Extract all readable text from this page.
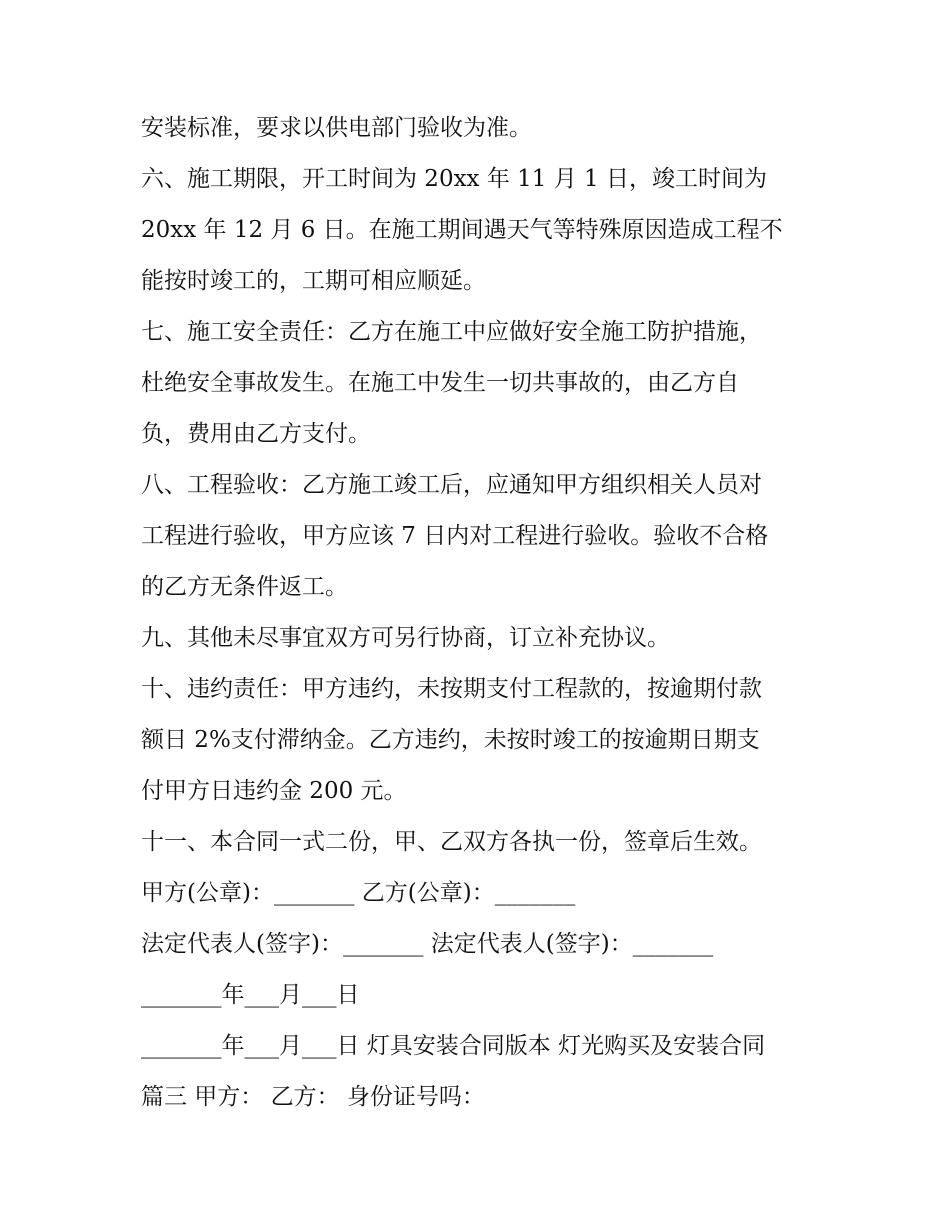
安装标准，要求以供电部门验收为准。
六、施工期限，开工时间为 20xx 年 11 月 1 日，竣工时间为
20xx 年 12 月 6 日。在施工期间遇天气等特殊原因造成工程不
能按时竣工的，工期可相应顺延。
七、施工安全责任：乙方在施工中应做好安全施工防护措施，
杜绝安全事故发生。在施工中发生一切共事故的，由乙方自
负，费用由乙方支付。
八、工程验收：乙方施工竣工后，应通知甲方组织相关人员对
工程进行验收，甲方应该 7 日内对工程进行验收。验收不合格
的乙方无条件返工。
九、其他未尽事宜双方可另行协商，订立补充协议。
十、违约责任：甲方违约，未按期支付工程款的，按逾期付款
额日 2%支付滞纳金。乙方违约，未按时竣工的按逾期日期支
付甲方日违约金 200 元。
十一、本合同一式二份，甲、乙双方各执一份，签章后生效。
甲方(公章)：_______ 乙方(公章)：_______
法定代表人(签字)：_______ 法定代表人(签字)：_______
_______年___月___日
_______年___月___日 灯具安装合同版本 灯光购买及安装合同
篇三 甲方： 乙方： 身份证号吗：
